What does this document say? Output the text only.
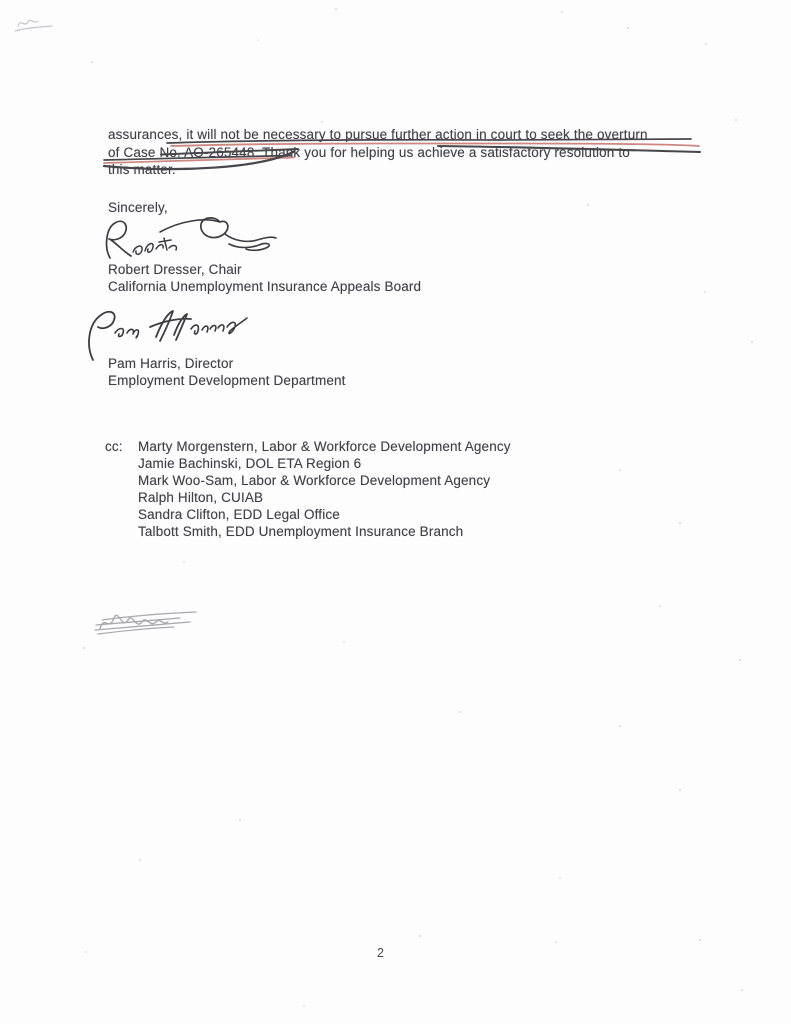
assurances, it will not be necessary to pursue further action in court to seek the overturn
of Case No. AO-265448. Thank you for helping us achieve a satisfactory resolution to
this matter.
Sincerely,
Robert Dresser, Chair
California Unemployment Insurance Appeals Board
Pam Harris, Director
Employment Development Department
cc: Marty Morgenstern, Labor & Workforce Development Agency
Jamie Bachinski, DOL ETA Region 6
Mark Woo-Sam, Labor & Workforce Development Agency
Ralph Hilton, CUIAB
Sandra Clifton, EDD Legal Office
Talbott Smith, EDD Unemployment Insurance Branch
2
